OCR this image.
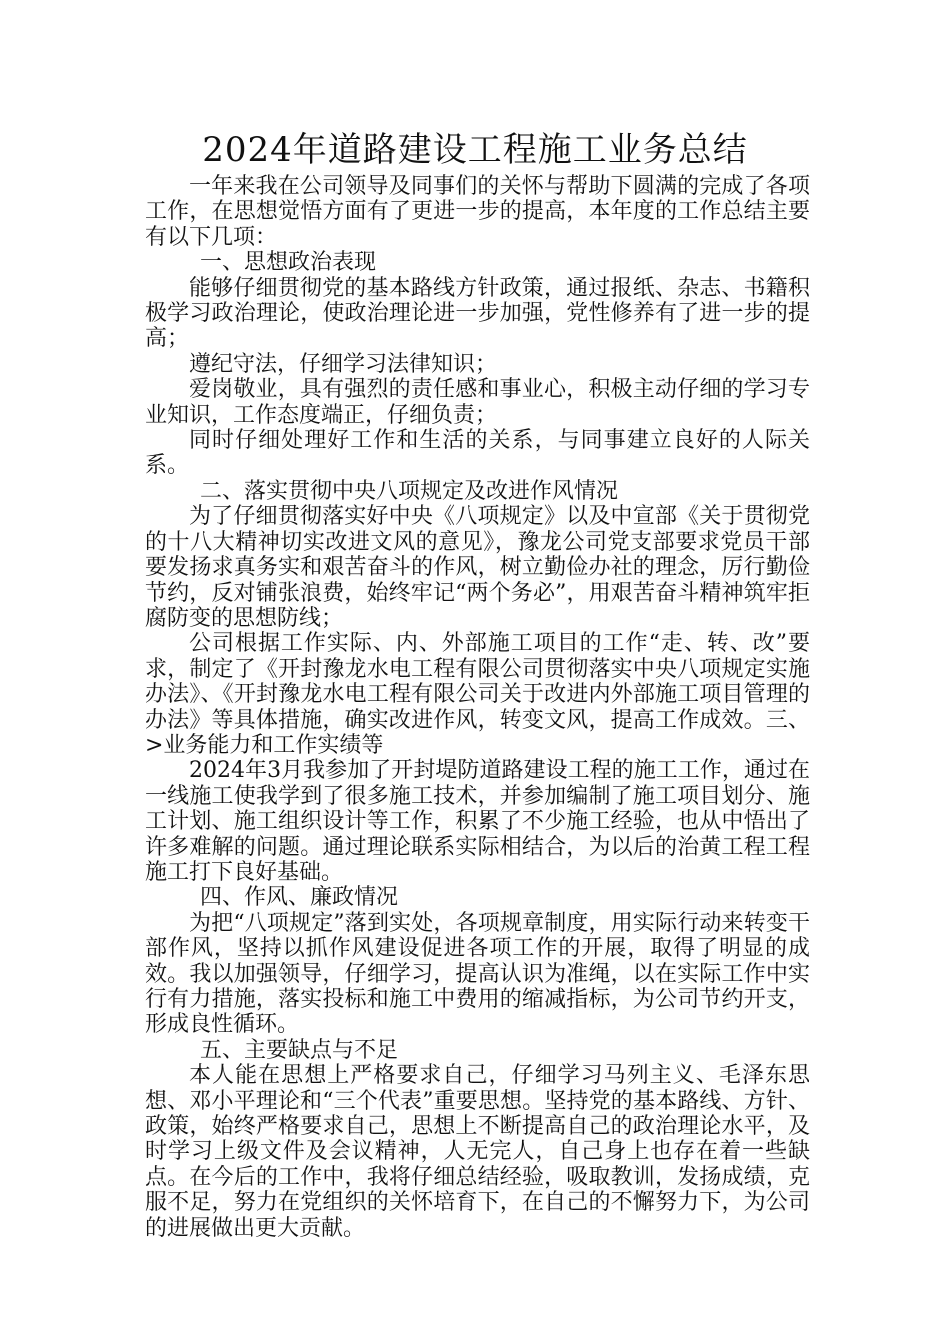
2024年道路建设工程施工业务总结

一年来我在公司领导及同事们的关怀与帮助下圆满的完成了各项工作，在思想觉悟方面有了更进一步的提高，本年度的工作总结主要有以下几项：

一、思想政治表现

能够仔细贯彻党的基本路线方针政策，通过报纸、杂志、书籍积极学习政治理论，使政治理论进一步加强，党性修养有了进一步的提高；

遵纪守法，仔细学习法律知识；

爱岗敬业，具有强烈的责任感和事业心，积极主动仔细的学习专业知识，工作态度端正，仔细负责；

同时仔细处理好工作和生活的关系，与同事建立良好的人际关系。

二、落实贯彻中央八项规定及改进作风情况

为了仔细贯彻落实好中央《八项规定》以及中宣部《关于贯彻党的十八大精神切实改进文风的意见》，豫龙公司党支部要求党员干部要发扬求真务实和艰苦奋斗的作风，树立勤俭办社的理念，厉行勤俭节约，反对铺张浪费，始终牢记“两个务必”，用艰苦奋斗精神筑牢拒腐防变的思想防线；

公司根据工作实际、内、外部施工项目的工作“走、转、改”要求，制定了《开封豫龙水电工程有限公司贯彻落实中央八项规定实施办法》、《开封豫龙水电工程有限公司关于改进内外部施工项目管理的办法》等具体措施，确实改进作风，转变文风，提高工作成效。三、>业务能力和工作实绩等

2024年3月我参加了开封堤防道路建设工程的施工工作，通过在一线施工使我学到了很多施工技术，并参加编制了施工项目划分、施工计划、施工组织设计等工作，积累了不少施工经验，也从中悟出了许多难解的问题。通过理论联系实际相结合，为以后的治黄工程工程施工打下良好基础。

四、作风、廉政情况

为把“八项规定”落到实处，各项规章制度，用实际行动来转变干部作风，坚持以抓作风建设促进各项工作的开展，取得了明显的成效。我以加强领导，仔细学习，提高认识为准绳，以在实际工作中实行有力措施，落实投标和施工中费用的缩减指标，为公司节约开支，形成良性循环。

五、主要缺点与不足

本人能在思想上严格要求自己，仔细学习马列主义、毛泽东思想、邓小平理论和“三个代表”重要思想。坚持党的基本路线、方针、政策，始终严格要求自己，思想上不断提高自己的政治理论水平，及时学习上级文件及会议精神，人无完人，自己身上也存在着一些缺点。在今后的工作中，我将仔细总结经验，吸取教训，发扬成绩，克服不足，努力在党组织的关怀培育下，在自己的不懈努力下，为公司的进展做出更大贡献。
